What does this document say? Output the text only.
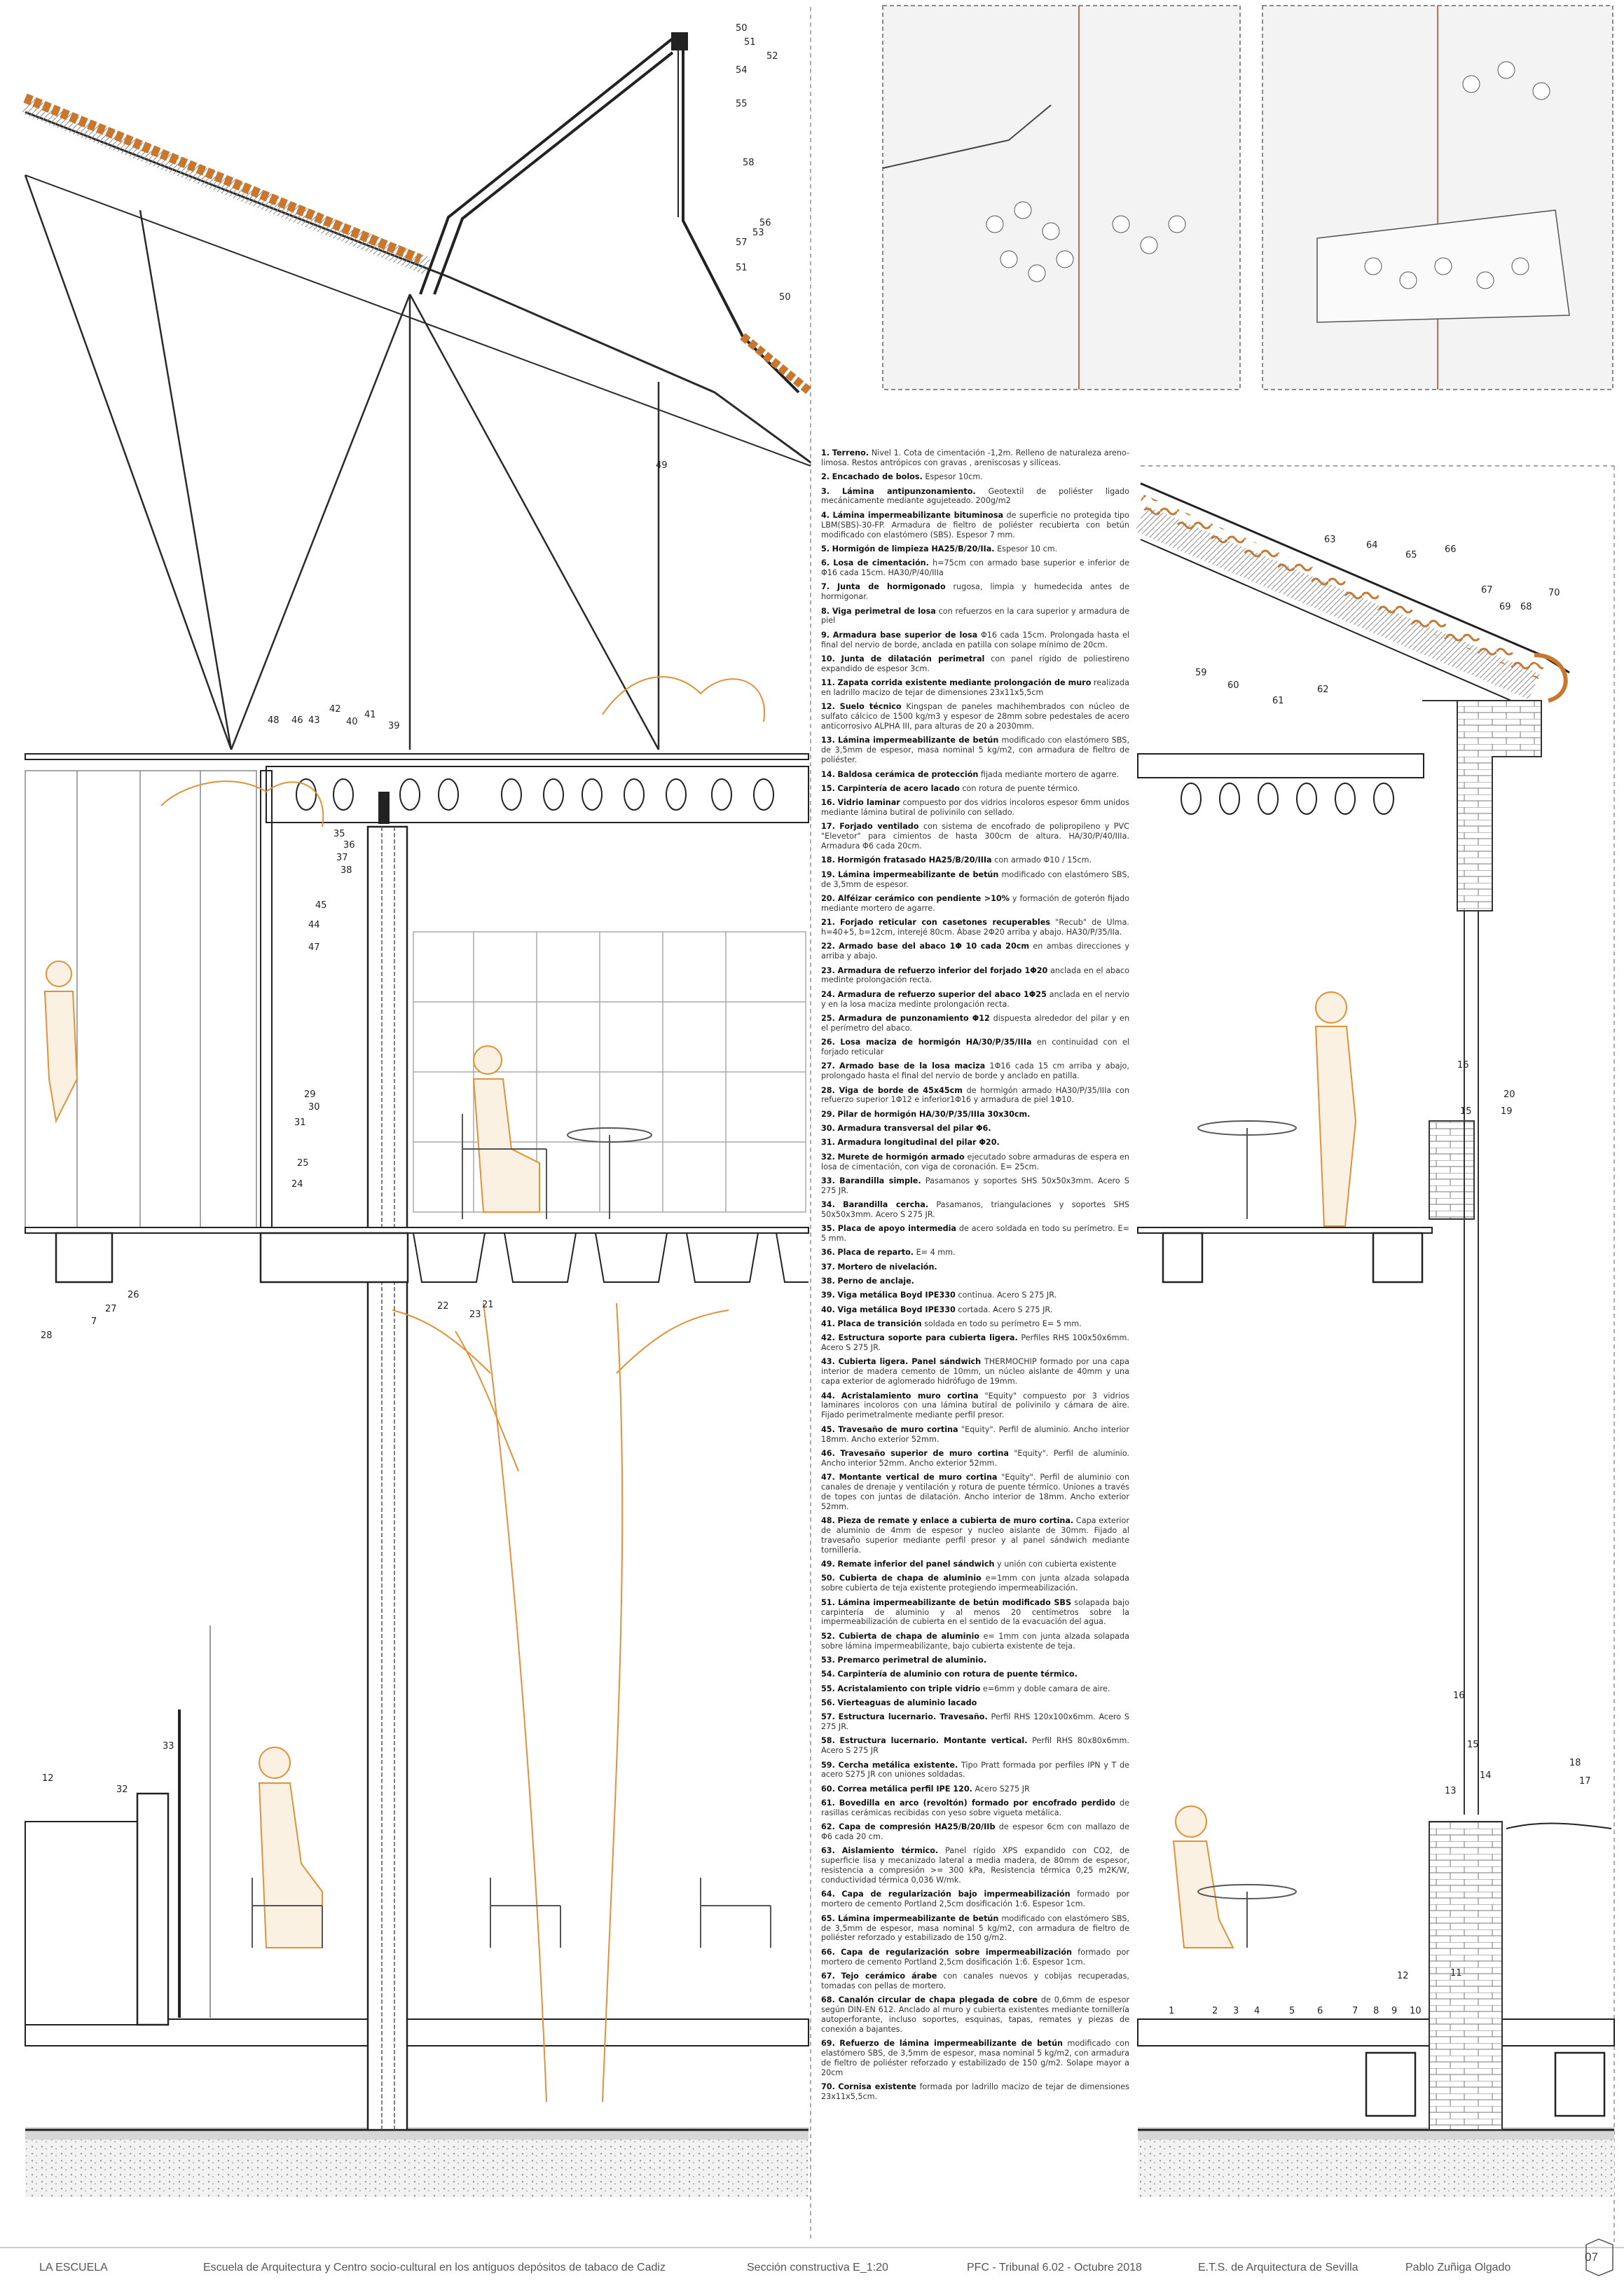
50
51
52
54
55
58
56
53
57
51
50
49
48 46 43
42
40
41
39
35
36
37
38
45
44
47
29
30
31
25
24
28
7
27
26
22
23
21
33
32
12
63
64
65
66
67
69 68
70
59
60
61
62
16
20
15	19
16
15
14
13
12	11
17
18
1	2 3 4	5 6	7 8 9 10
1. Terreno. Nivel 1. Cota de cimentación -1,2m. Relleno de naturaleza areno-limosa. Restos antrópicos con gravas , areniscosas y silíceas.
2. Encachado de bolos. Espesor 10cm.
3. Lámina antipunzonamiento. Geotextil de poliéster ligado mecánicamente mediante agujeteado. 200g/m2
4. Lámina impermeabilizante bituminosa de superficie no protegida tipo LBM(SBS)-30-FP. Armadura de fieltro de poliéster recubierta con betún modificado con elastómero (SBS). Espesor 7 mm.
5. Hormigón de limpieza HA25/B/20/IIa. Espesor 10 cm.
6. Losa de cimentación. h=75cm con armado base superior e inferior de Φ16 cada 15cm. HA30/P/40/IIIa
7. Junta de hormigonado rugosa, limpia y humedecida antes de hormigonar.
8. Viga perimetral de losa con refuerzos en la cara superior y armadura de piel
9. Armadura base superior de losa Φ16 cada 15cm. Prolongada hasta el final del nervio de borde, anclada en patilla con solape mínimo de 20cm.
10. Junta de dilatación perimetral con panel rígido de poliestireno expandido de espesor 3cm.
11. Zapata corrida existente mediante prolongación de muro realizada en ladrillo macizo de tejar de dimensiones 23x11x5,5cm
12. Suelo técnico Kingspan de paneles machihembrados con núcleo de sulfato cálcico de 1500 kg/m3 y espesor de 28mm sobre pedestales de acero anticorrosivo ALPHA III, para alturas de 20 a 2030mm.
13. Lámina impermeabilizante de betún modificado con elastómero SBS, de 3,5mm de espesor, masa nominal 5 kg/m2, con armadura de fieltro de poliéster.
14. Baldosa cerámica de protección fijada mediante mortero de agarre.
15. Carpintería de acero lacado con rotura de puente térmico.
16. Vidrio laminar compuesto por dos vidrios incoloros espesor 6mm unidos mediante lámina butiral de polivinilo con sellado.
17. Forjado ventilado con sistema de encofrado de polipropileno y PVC "Elevetor" para cimientos de hasta 300cm de altura. HA/30/P/40/IIIa. Armadura Φ6 cada 20cm.
18. Hormigón fratasado HA25/B/20/IIIa con armado Φ10 / 15cm.
19. Lámina impermeabilizante de betún modificado con elastómero SBS, de 3,5mm de espesor.
20. Alféizar cerámico con pendiente >10% y formación de goterón fijado mediante mortero de agarre.
21. Forjado reticular con casetones recuperables "Recub" de Ulma. h=40+5, b=12cm, interejé 80cm. Ábase 2Φ20 arriba y abajo. HA30/P/35/IIa.
22. Armado base del abaco 1Φ 10 cada 20cm en ambas direcciones y arriba y abajo.
23. Armadura de refuerzo inferior del forjado 1Φ20 anclada en el abaco medinte prolongación recta.
24. Armadura de refuerzo superior del abaco 1Φ25 anclada en el nervio y en la losa maciza medinte prolongación recta.
25. Armadura de punzonamiento Φ12 dispuesta alrededor del pilar y en el perímetro del abaco.
26. Losa maciza de hormigón HA/30/P/35/IIIa en continuidad con el forjado reticular
27. Armado base de la losa maciza 1Φ16 cada 15 cm arriba y abajo, prolongado hasta el final del nervio de borde y anclado en patilla.
28. Viga de borde de 45x45cm de hormigón armado HA30/P/35/IIIa con refuerzo superior 1Φ12 e inferior1Φ16 y armadura de piel 1Φ10.
29. Pilar de hormigón HA/30/P/35/IIIa 30x30cm.
30. Armadura transversal del pilar Φ6.
31. Armadura longitudinal del pilar Φ20.
32. Murete de hormigón armado ejecutado sobre armaduras de espera en losa de cimentación, con viga de coronación. E= 25cm.
33. Barandilla simple. Pasamanos y soportes SHS 50x50x3mm. Acero S 275 JR.
34. Barandilla cercha. Pasamanos, triangulaciones y soportes SHS 50x50x3mm. Acero S 275 JR.
35. Placa de apoyo intermedia de acero soldada en todo su perímetro. E= 5 mm.
36. Placa de reparto. E= 4 mm.
37. Mortero de nivelación.
38. Perno de anclaje.
39. Viga metálica Boyd IPE330 continua. Acero S 275 JR.
40. Viga metálica Boyd IPE330 cortada. Acero S 275 JR.
41. Placa de transición soldada en todo su perímetro E= 5 mm.
42. Estructura soporte para cubierta ligera. Perfiles RHS 100x50x6mm. Acero S 275 JR.
43. Cubierta ligera. Panel sándwich THERMOCHIP formado por una capa interior de madera cemento de 10mm, un núcleo aislante de 40mm y una capa exterior de aglomerado hidrófugo de 19mm.
44. Acristalamiento muro cortina "Equity" compuesto por 3 vidrios laminares incoloros con una lámina butiral de polivinilo y cámara de aire. Fijado perimetralmente mediante perfil presor.
45. Travesaño de muro cortina "Equity". Perfil de aluminio. Ancho interior 18mm. Ancho exterior 52mm.
46. Travesaño superior de muro cortina "Equity". Perfil de aluminio. Ancho interior 52mm. Ancho exterior 52mm.
47. Montante vertical de muro cortina "Equity". Perfil de aluminio con canales de drenaje y ventilación y rotura de puente térmico. Uniones a través de topes con juntas de dilatación. Ancho interior de 18mm. Ancho exterior 52mm.
48. Pieza de remate y enlace a cubierta de muro cortina. Capa exterior de aluminio de 4mm de espesor y nucleo aislante de 30mm. Fijado al travesaño superior mediante perfil presor y al panel sándwich mediante tornillería.
49. Remate inferior del panel sándwich y unión con cubierta existente
50. Cubierta de chapa de aluminio e=1mm con junta alzada solapada sobre cubierta de teja existente protegiendo impermeabilización.
51. Lámina impermeabilizante de betún modificado SBS solapada bajo carpintería de aluminio y al menos 20 centímetros sobre la impermeabilización de cubierta en el sentido de la evacuación del agua.
52. Cubierta de chapa de aluminio e= 1mm con junta alzada solapada sobre lámina impermeabilizante, bajo cubierta existente de teja.
53. Premarco perimetral de aluminio.
54. Carpintería de aluminio con rotura de puente térmico.
55. Acristalamiento con triple vidrio e=6mm y doble camara de aire.
56. Vierteaguas de aluminio lacado
57. Estructura lucernario. Travesaño. Perfil RHS 120x100x6mm. Acero S 275 JR.
58. Estructura lucernario. Montante vertical. Perfil RHS 80x80x6mm. Acero S 275 JR
59. Cercha metálica existente. Tipo Pratt formada por perfiles IPN y T de acero S275 JR con uniones soldadas.
60. Correa metálica perfil IPE 120. Acero S275 JR
61. Bovedilla en arco (revoltón) formado por encofrado perdido de rasillas cerámicas recibidas con yeso sobre vigueta metálica.
62. Capa de compresión HA25/B/20/IIb de espesor 6cm con mallazo de Φ6 cada 20 cm.
63. Aislamiento térmico. Panel rígido XPS expandido con CO2, de superficie lisa y mecanizado lateral a media madera, de 80mm de espesor, resistencia a compresión >= 300 kPa, Resistencia térmica 0,25 m2K/W, conductividad térmica 0,036 W/mk.
64. Capa de regularización bajo impermeabilización formado por mortero de cemento Portland 2,5cm dosificación 1:6. Espesor 1cm.
65. Lámina impermeabilizante de betún modificado con elastómero SBS, de 3,5mm de espesor, masa nominal 5 kg/m2, con armadura de fieltro de poliéster reforzado y estabilizado de 150 g/m2.
66. Capa de regularización sobre impermeabilización formado por mortero de cemento Portland 2,5cm dosificación 1:6. Espesor 1cm.
67. Tejo cerámico árabe con canales nuevos y cobijas recuperadas, tomadas con pellas de mortero.
68. Canalón circular de chapa plegada de cobre de 0,6mm de espesor según DIN-EN 612. Anclado al muro y cubierta existentes mediante tornillería autoperforante, incluso soportes, esquinas, tapas, remates y piezas de conexión a bajantes.
69. Refuerzo de lámina impermeabilizante de betún modificado con elastómero SBS, de 3,5mm de espesor, masa nominal 5 kg/m2, con armadura de fieltro de poliéster reforzado y estabilizado de 150 g/m2. Solape mayor a 20cm
70. Cornisa existente formada por ladrillo macizo de tejar de dimensiones 23x11x5,5cm.
LA ESCUELA	Escuela de Arquitectura y Centro socio-cultural en los antiguos depósitos de tabaco de Cadiz	Sección constructiva E_1:20	PFC - Tribunal 6.02 - Octubre 2018	E.T.S. de Arquitectura de Sevilla	Pablo Zuñiga Olgado
07
